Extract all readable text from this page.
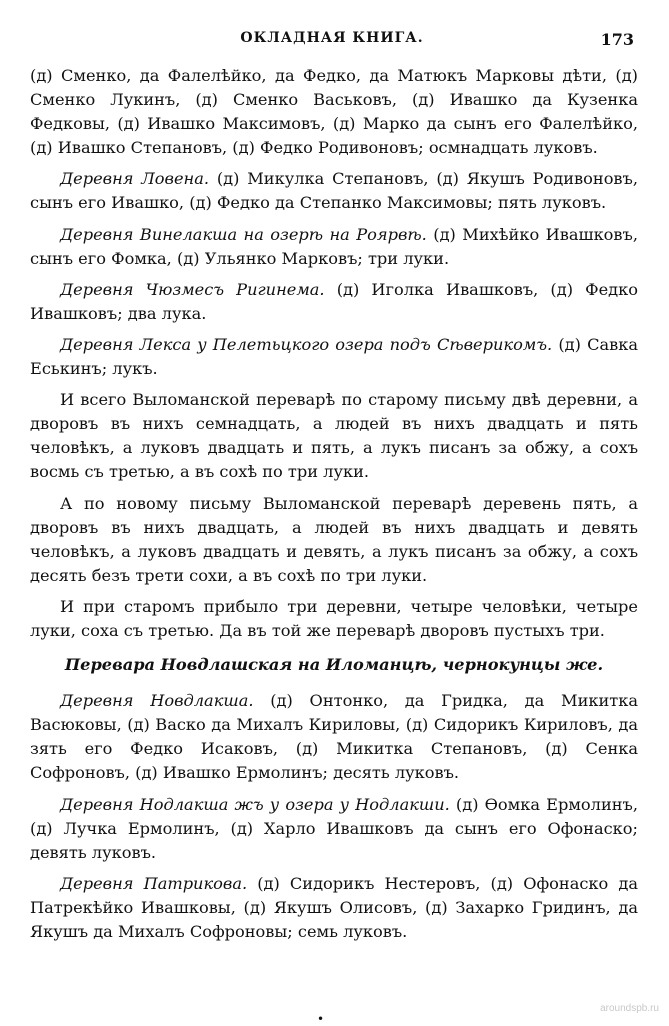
ОКЛАДНАЯ КНИГА.	173

(д) Сменко, да Фалелѣйко, да Федко, да Матюкъ Марковы дѣти, (д) Сменко Лукинъ, (д) Сменко Васьковъ, (д) Ивашко да Кузенка Федковы, (д) Ивашко Максимовъ, (д) Марко да сынъ его Фалелѣйко, (д) Ивашко Степановъ, (д) Федко Родивоновъ; осмнадцать луковъ.

Деревня Ловена. (д) Микулка Степановъ, (д) Якушъ Родивоновъ, сынъ его Ивашко, (д) Федко да Степанко Максимовы; пять луковъ.

Деревня Винелакша на озерѣ на Роярвѣ. (д) Михѣйко Ивашковъ, сынъ его Фомка, (д) Ульянко Марковъ; три луки.

Деревня Чюзмесъ Ригинема. (д) Иголка Ивашковъ, (д) Федко Ивашковъ; два лука.

Деревня Лекса у Пелетьцкого озера подъ Сѣверикомъ. (д) Савка Еськинъ; лукъ.

И всего Выломанской переварѣ по старому письму двѣ деревни, а дворовъ въ нихъ семнадцать, а людей въ нихъ двадцать и пять человѣкъ, а луковъ двадцать и пять, а лукъ писанъ за обжу, а сохъ восмь съ третью, а въ сохѣ по три луки.

А по новому письму Выломанской переварѣ деревень пять, а дворовъ въ нихъ двадцать, а людей въ нихъ двадцать и девять человѣкъ, а луковъ двадцать и девять, а лукъ писанъ за обжу, а сохъ десять безъ трети сохи, а въ сохѣ по три луки.

И при старомъ прибыло три деревни, четыре человѣки, четыре луки, соха съ третью. Да въ той же переварѣ дворовъ пустыхъ три.

Перевара Новдлашская на Иломанцѣ, чернокунцы же.

Деревня Новдлакша. (д) Онтонко, да Гридка, да Микитка Васюковы, (д) Васко да Михалъ Кириловы, (д) Сидорикъ Кириловъ, да зять его Федко Исаковъ, (д) Микитка Степановъ, (д) Сенка Софроновъ, (д) Ивашко Ермолинъ; десять луковъ.

Деревня Нодлакша жъ у озера у Нодлакши. (д) Ѳомка Ермолинъ, (д) Лучка Ермолинъ, (д) Харло Ивашковъ да сынъ его Офонаско; девять луковъ.

Деревня Патрикова. (д) Сидорикъ Нестеровъ, (д) Офонаско да Патрекѣйко Ивашковы, (д) Якушъ Олисовъ, (д) Захарко Гридинъ, да Якушъ да Михалъ Софроновы; семь луковъ.

•
aroundspb.ru
